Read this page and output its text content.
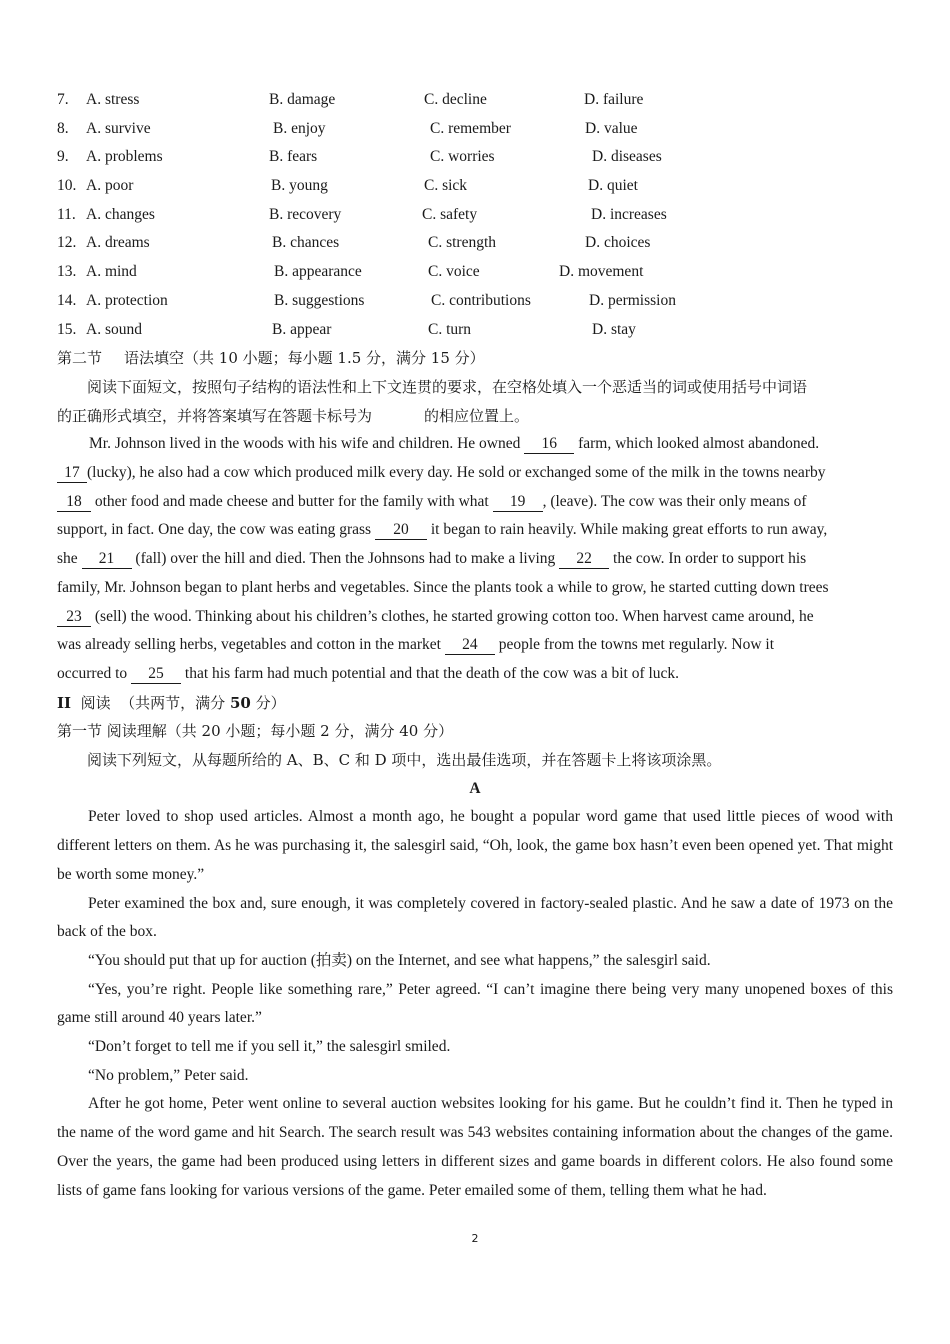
7. A. stress	B. damage	C. decline	D. failure
8. A. survive	B. enjoy	C. remember	D. value
9. A. problems	B. fears	C. worries	D. diseases
10. A. poor	B. young	C. sick	D. quiet
11. A. changes	B. recovery	C. safety	D. increases
12. A. dreams	B. chances	C. strength	D. choices
13. A. mind	B. appearance	C. voice	D. movement
14. A. protection	B. suggestions	C. contributions	D. permission
15. A. sound	B. appear	C. turn	D. stay
第二节 语法填空（共 10 小题；每小题 1.5 分，满分 15 分）

阅读下面短文，按照句子结构的语法性和上下文连贯的要求，在空格处填入一个恶适当的词或使用括号中词语

的正确形式填空，并将答案填写在答题卡标号为	的相应位置上。

Mr. Johnson lived in the woods with his wife and children. He owned 16 farm, which looked almost abandoned.
17 (lucky), he also had a cow which produced milk every day. He sold or exchanged some of the milk in the towns nearby
18 other food and made cheese and butter for the family with what 19 , (leave). The cow was their only means of
support, in fact. One day, the cow was eating grass 20 it began to rain heavily. While making great efforts to run away,
she 21 (fall) over the hill and died. Then the Johnsons had to make a living 22 the cow. In order to support his
family, Mr. Johnson began to plant herbs and vegetables. Since the plants took a while to grow, he started cutting down trees
23 (sell) the wood. Thinking about his children’s clothes, he started growing cotton too. When harvest came around, he
was already selling herbs, vegetables and cotton in the market 24 people from the towns met regularly. Now it
occurred to 25 that his farm had much potential and that the death of the cow was a bit of luck.
II 阅读 （共两节，满分 50 分）
第一节 阅读理解（共 20 小题；每小题 2 分，满分 40 分）

阅读下列短文，从每题所给的 A、B、C 和 D 项中，选出最佳选项，并在答题卡上将该项涂黑。

A

Peter loved to shop used articles. Almost a month ago, he bought a popular word game that used little pieces of wood with different letters on them. As he was purchasing it, the salesgirl said, “Oh, look, the game box hasn’t even been opened yet. That might be worth some money.”

Peter examined the box and, sure enough, it was completely covered in factory-sealed plastic. And he saw a date of 1973 on the back of the box.

“You should put that up for auction (拍卖) on the Internet, and see what happens,” the salesgirl said.

“Yes, you’re right. People like something rare,” Peter agreed. “I can’t imagine there being very many unopened boxes of this game still around 40 years later.”

“Don’t forget to tell me if you sell it,” the salesgirl smiled.

“No problem,” Peter said.

After he got home, Peter went online to several auction websites looking for his game. But he couldn’t find it. Then he typed in the name of the word game and hit Search. The search result was 543 websites containing information about the changes of the game. Over the years, the game had been produced using letters in different sizes and game boards in different colors. He also found some lists of game fans looking for various versions of the game. Peter emailed some of them, telling them what he had.

2
